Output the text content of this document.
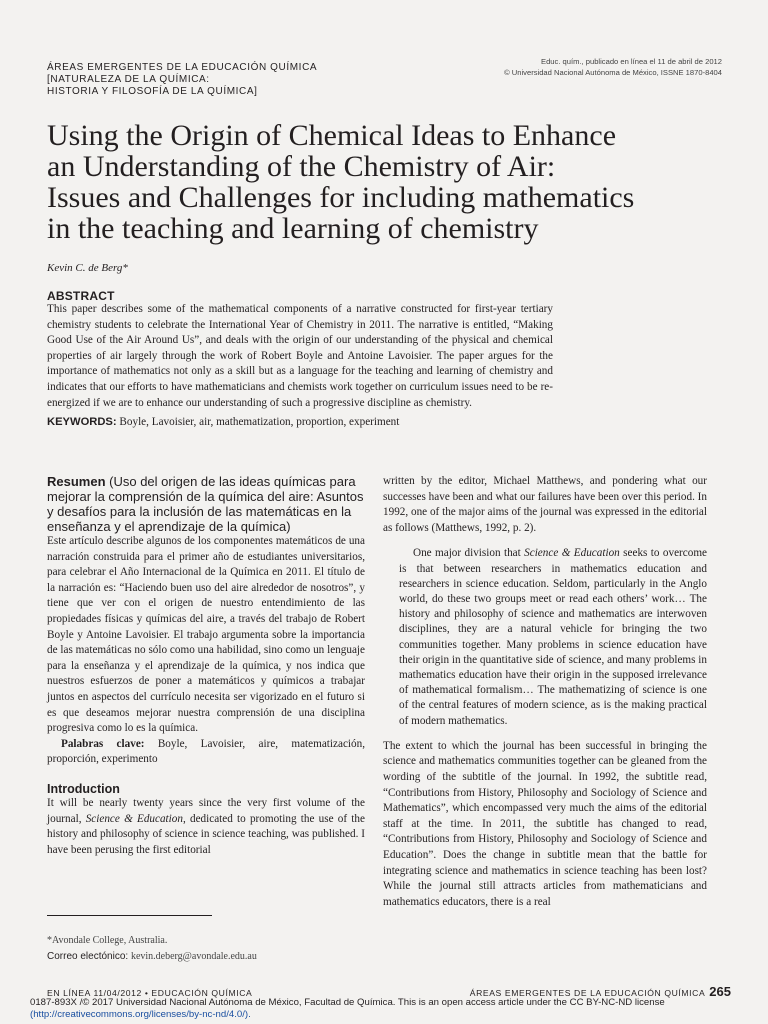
ÁREAS EMERGENTES DE LA EDUCACIÓN QUÍMICA
[NATURALEZA DE LA QUÍMICA:
HISTORIA Y FILOSOFÍA DE LA QUÍMICA]
Educ. quím., publicado en línea el 11 de abril de 2012
© Universidad Nacional Autónoma de México, ISSNE 1870-8404
Using the Origin of Chemical Ideas to Enhance
an Understanding of the Chemistry of Air:
Issues and Challenges for including mathematics
in the teaching and learning of chemistry
Kevin C. de Berg*
ABSTRACT
This paper describes some of the mathematical components of a narrative constructed for first-year tertiary chemistry students to celebrate the International Year of Chemistry in 2011. The narrative is entitled, “Making Good Use of the Air Around Us”, and deals with the origin of our understanding of the physical and chemical properties of air largely through the work of Robert Boyle and Antoine Lavoisier. The paper argues for the importance of mathematics not only as a skill but as a language for the teaching and learning of chemistry and indicates that our efforts to have mathematicians and chemists work together on curriculum issues need to be re-energized if we are to enhance our understanding of such a progressive discipline as chemistry.
KEYWORDS: Boyle, Lavoisier, air, mathematization, proportion, experiment
Resumen (Uso del origen de las ideas químicas para mejorar la comprensión de la química del aire: Asuntos y desafíos para la inclusión de las matemáticas en la enseñanza y el aprendizaje de la química)
Este artículo describe algunos de los componentes matemáticos de una narración construida para el primer año de estudiantes universitarios, para celebrar el Año Internacional de la Química en 2011. El título de la narración es: “Haciendo buen uso del aire alrededor de nosotros”, y tiene que ver con el origen de nuestro entendimiento de las propiedades físicas y químicas del aire, a través del trabajo de Robert Boyle y Antoine Lavoisier. El trabajo argumenta sobre la importancia de las matemáticas no sólo como una habilidad, sino como un lenguaje para la enseñanza y el aprendizaje de la química, y nos indica que nuestros esfuerzos de poner a matemáticos y químicos a trabajar juntos en aspectos del currículo necesita ser vigorizado en el futuro si es que deseamos mejorar nuestra comprensión de una disciplina progresiva como lo es la química.
Palabras clave: Boyle, Lavoisier, aire, matematización, proporción, experimento
Introduction
It will be nearly twenty years since the very first volume of the journal, Science & Education, dedicated to promoting the use of the history and philosophy of science in science teaching, was published. I have been perusing the first editorial
written by the editor, Michael Matthews, and pondering what our successes have been and what our failures have been over this period. In 1992, one of the major aims of the journal was expressed in the editorial as follows (Matthews, 1992, p. 2).
One major division that Science & Education seeks to overcome is that between researchers in mathematics education and researchers in science education. Seldom, particularly in the Anglo world, do these two groups meet or read each others’ work… The history and philosophy of science and mathematics are interwoven disciplines, they are a natural vehicle for bringing the two communities together. Many problems in science education have their origin in the quantitative side of science, and many problems in mathematics education have their origin in the supposed irrelevance of mathematical formalism… The mathematizing of science is one of the central features of modern science, as is the making practical of modern mathematics.
The extent to which the journal has been successful in bringing the science and mathematics communities together can be gleaned from the wording of the subtitle of the journal. In 1992, the subtitle read, “Contributions from History, Philosophy and Sociology of Science and Mathematics”, which encompassed very much the aims of the editorial staff at the time. In 2011, the subtitle has changed to read, “Contributions from History, Philosophy and Sociology of Science and Education”. Does the change in subtitle mean that the battle for integrating science and mathematics in science teaching has been lost? While the journal still attracts articles from mathematicians and mathematics educators, there is a real
*Avondale College, Australia.
Correo electónico: kevin.deberg@avondale.edu.au
EN LÍNEA 11/04/2012 • EDUCACIÓN QUÍMICA	ÁREAS EMERGENTES DE LA EDUCACIÓN QUÍMICA 265
0187-893X /© 2017 Universidad Nacional Autónoma de México, Facultad de Química. This is an open access article under the CC BY-NC-ND license
(http://creativecommons.org/licenses/by-nc-nd/4.0/).
